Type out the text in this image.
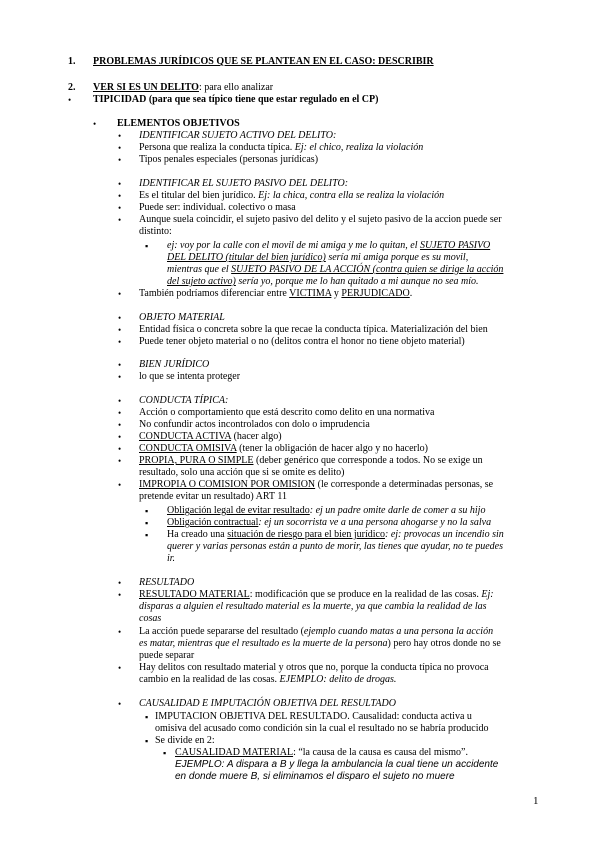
1. PROBLEMAS JURÍDICOS QUE SE PLANTEAN EN EL CASO: DESCRIBIR
2. VER SI ES UN DELITO: para ello analizar
• TIPICIDAD (para que sea típico tiene que estar regulado en el CP)
• ELEMENTOS OBJETIVOS
• IDENTIFICAR SUJETO ACTIVO DEL DELITO:
• Persona que realiza la conducta típica. Ej: el chico, realiza la violación
• Tipos penales especiales (personas jurídicas)
• IDENTIFICAR EL SUJETO PASIVO DEL DELITO:
• Es el titular del bien jurídico. Ej: la chica, contra ella se realiza la violación
• Puede ser: individual. colectivo o masa
• Aunque suela coincidir, el sujeto pasivo del delito y el sujeto pasivo de la accion puede ser
distinto:
▪ ej: voy por la calle con el movil de mi amiga y me lo quitan, el SUJETO PASIVO
DEL DELITO (titular del bien jurídico) sería mi amiga porque es su movil,
mientras que el SUJETO PASIVO DE LA ACCIÓN (contra quien se dirige la acción
del sujeto activo) sería yo, porque me lo han quitado a mi aunque no sea mío.
• También podríamos diferenciar entre VICTIMA y PERJUDICADO.
• OBJETO MATERIAL
• Entidad física o concreta sobre la que recae la conducta típica. Materialización del bien
• Puede tener objeto material o no (delitos contra el honor no tiene objeto material)
• BIEN JURÍDICO
• lo que se intenta proteger
• CONDUCTA TÍPICA:
• Acción o comportamiento que está descrito como delito en una normativa
• No confundir actos incontrolados con dolo o imprudencia
• CONDUCTA ACTIVA (hacer algo)
• CONDUCTA OMISIVA (tener la obligación de hacer algo y no hacerlo)
• PROPIA, PURA O SIMPLE (deber genérico que corresponde a todos. No se exige un
resultado, solo una acción que si se omite es delito)
• IMPROPIA O COMISION POR OMISION (le corresponde a determinadas personas, se
pretende evitar un resultado) ART 11
▪ Obligación legal de evitar resultado: ej un padre omite darle de comer a su hijo
▪ Obligación contractual: ej un socorrista ve a una persona ahogarse y no la salva
▪ Ha creado una situación de riesgo para el bien jurídico: ej: provocas un incendio sin
querer y varias personas están a punto de morir, las tienes que ayudar, no te puedes
ir.
• RESULTADO
• RESULTADO MATERIAL: modificación que se produce en la realidad de las cosas. Ej:
disparas a alguien el resultado material es la muerte, ya que cambia la realidad de las
cosas
• La acción puede separarse del resultado (ejemplo cuando matas a una persona la acción
es matar, mientras que el resultado es la muerte de la persona) pero hay otros donde no se
puede separar
• Hay delitos con resultado material y otros que no, porque la conducta típica no provoca
cambio en la realidad de las cosas. EJEMPLO: delito de drogas.
• CAUSALIDAD E IMPUTACIÓN OBJETIVA DEL RESULTADO
▪ IMPUTACION OBJETIVA DEL RESULTADO. Causalidad: conducta activa u
omisiva del acusado como condición sin la cual el resultado no se habría producido
▪ Se divide en 2:
▪ CAUSALIDAD MATERIAL: “la causa de la causa es causa del mismo”.
EJEMPLO: A dispara a B y llega la ambulancia la cual tiene un accidente
en donde muere B, si eliminamos el disparo el sujeto no muere
1
